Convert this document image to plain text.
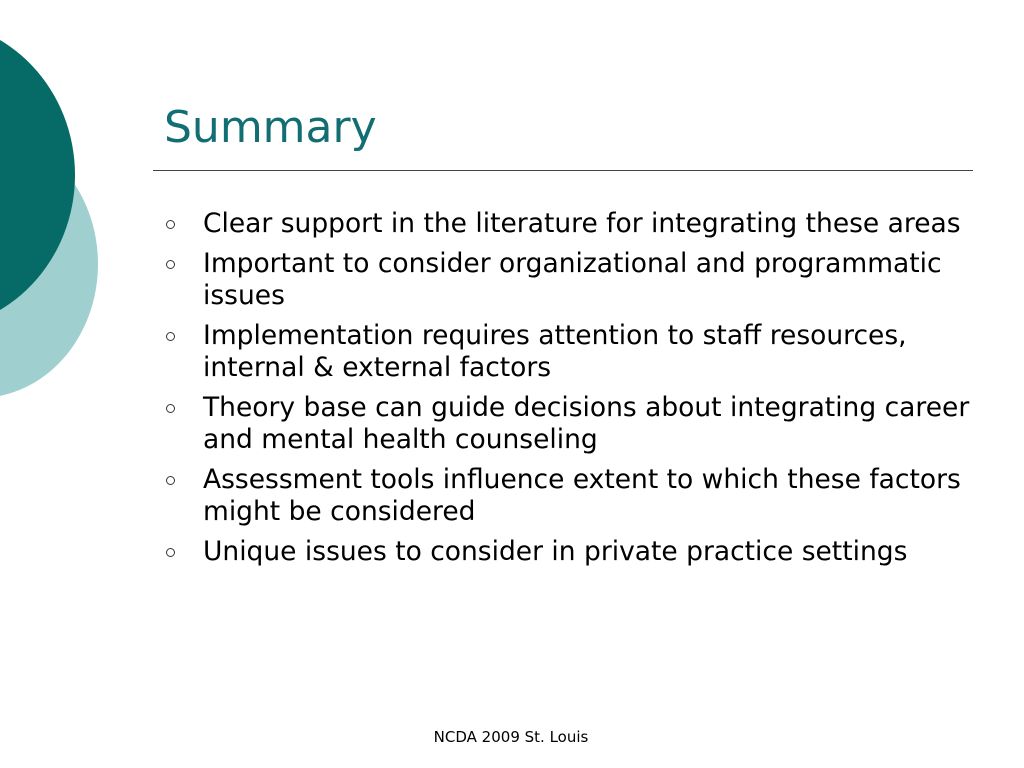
Summary
Clear support in the literature for integrating these areas
Important to consider organizational and programmatic issues
Implementation requires attention to staff resources, internal & external factors
Theory base can guide decisions about integrating career and mental health counseling
Assessment tools influence extent to which these factors might be considered
Unique issues to consider in private practice settings
NCDA 2009 St. Louis
